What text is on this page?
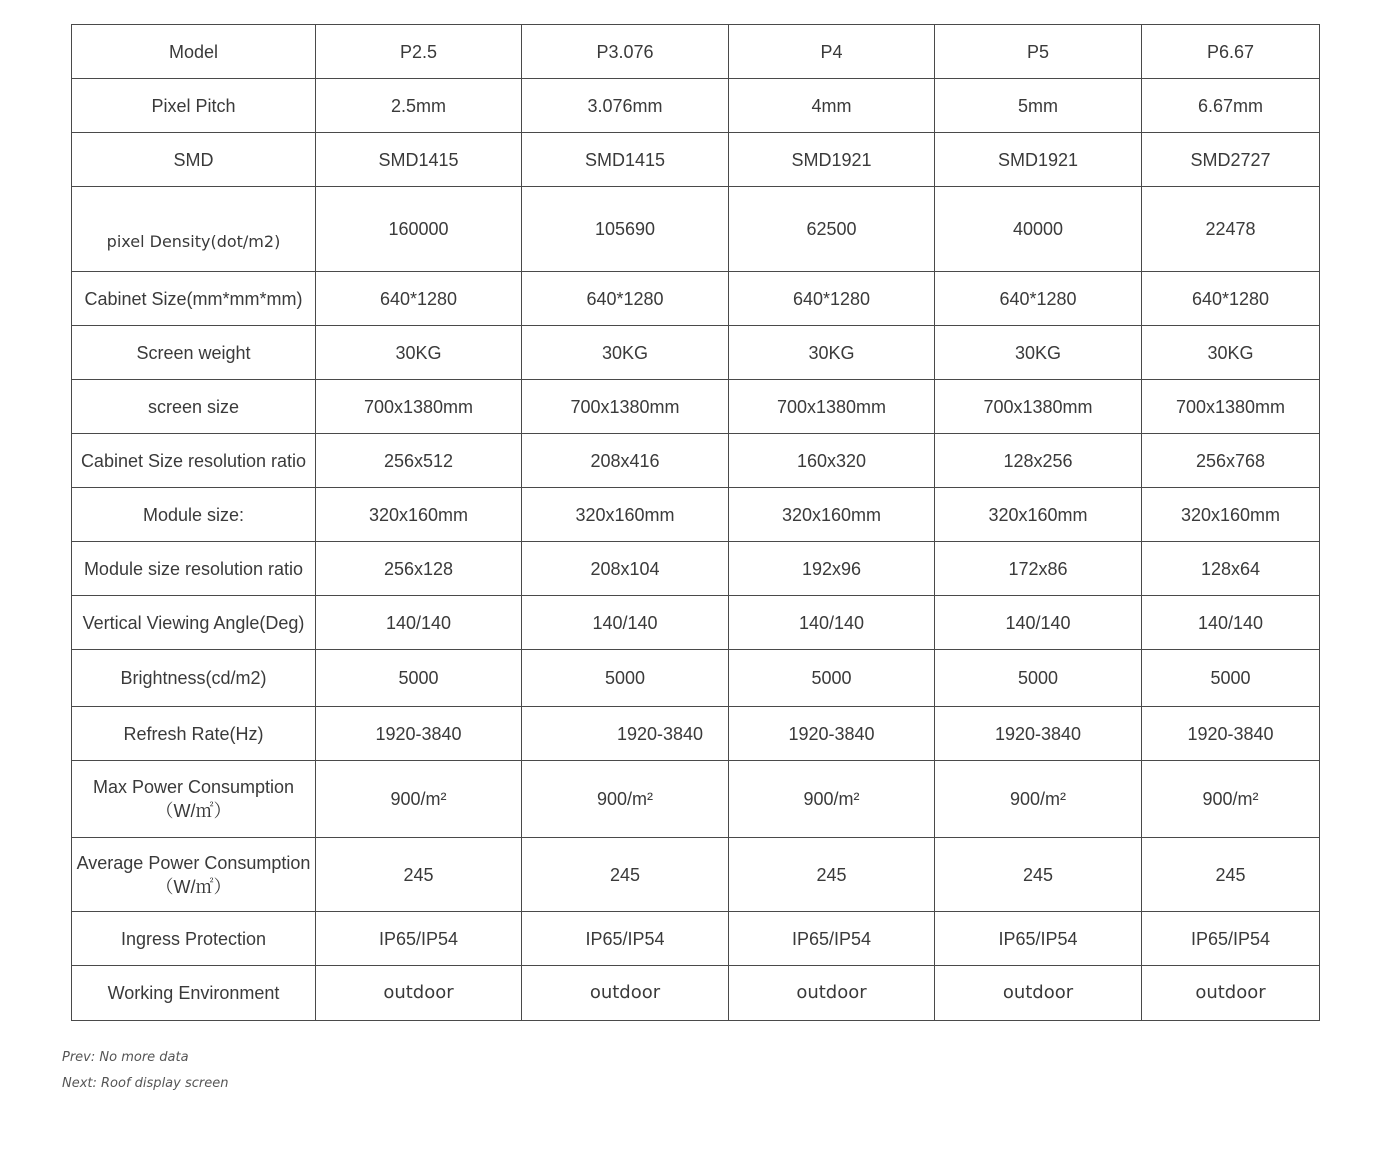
Model	P2.5	P3.076	P4	P5	P6.67
Pixel Pitch	2.5mm	3.076mm	4mm	5mm	6.67mm
SMD	SMD1415	SMD1415	SMD1921	SMD1921	SMD2727

pixel Density(dot/m2)	160000	105690	62500	40000	22478
Cabinet Size(mm*mm*mm)	640*1280	640*1280	640*1280	640*1280	640*1280
Screen weight	30KG	30KG	30KG	30KG	30KG
screen size	700x1380mm	700x1380mm	700x1380mm	700x1380mm	700x1380mm
Cabinet Size resolution ratio	256x512	208x416	160x320	128x256	256x768
Module size:	320x160mm	320x160mm	320x160mm	320x160mm	320x160mm
Module size resolution ratio	256x128	208x104	192x96	172x86	128x64
Vertical Viewing Angle(Deg)	140/140	140/140	140/140	140/140	140/140
Brightness(cd/m2)	5000	5000	5000	5000	5000
Refresh Rate(Hz)	1920-3840	1920-3840	1920-3840	1920-3840	1920-3840
Max Power Consumption（W/㎡）	900/m²	900/m²	900/m²	900/m²	900/m²
Average Power Consumption（W/㎡）	245	245	245	245	245
Ingress Protection	IP65/IP54	IP65/IP54	IP65/IP54	IP65/IP54	IP65/IP54
Working Environment	outdoor	outdoor	outdoor	outdoor	outdoor
Prev: No more data
Next: Roof display screen
